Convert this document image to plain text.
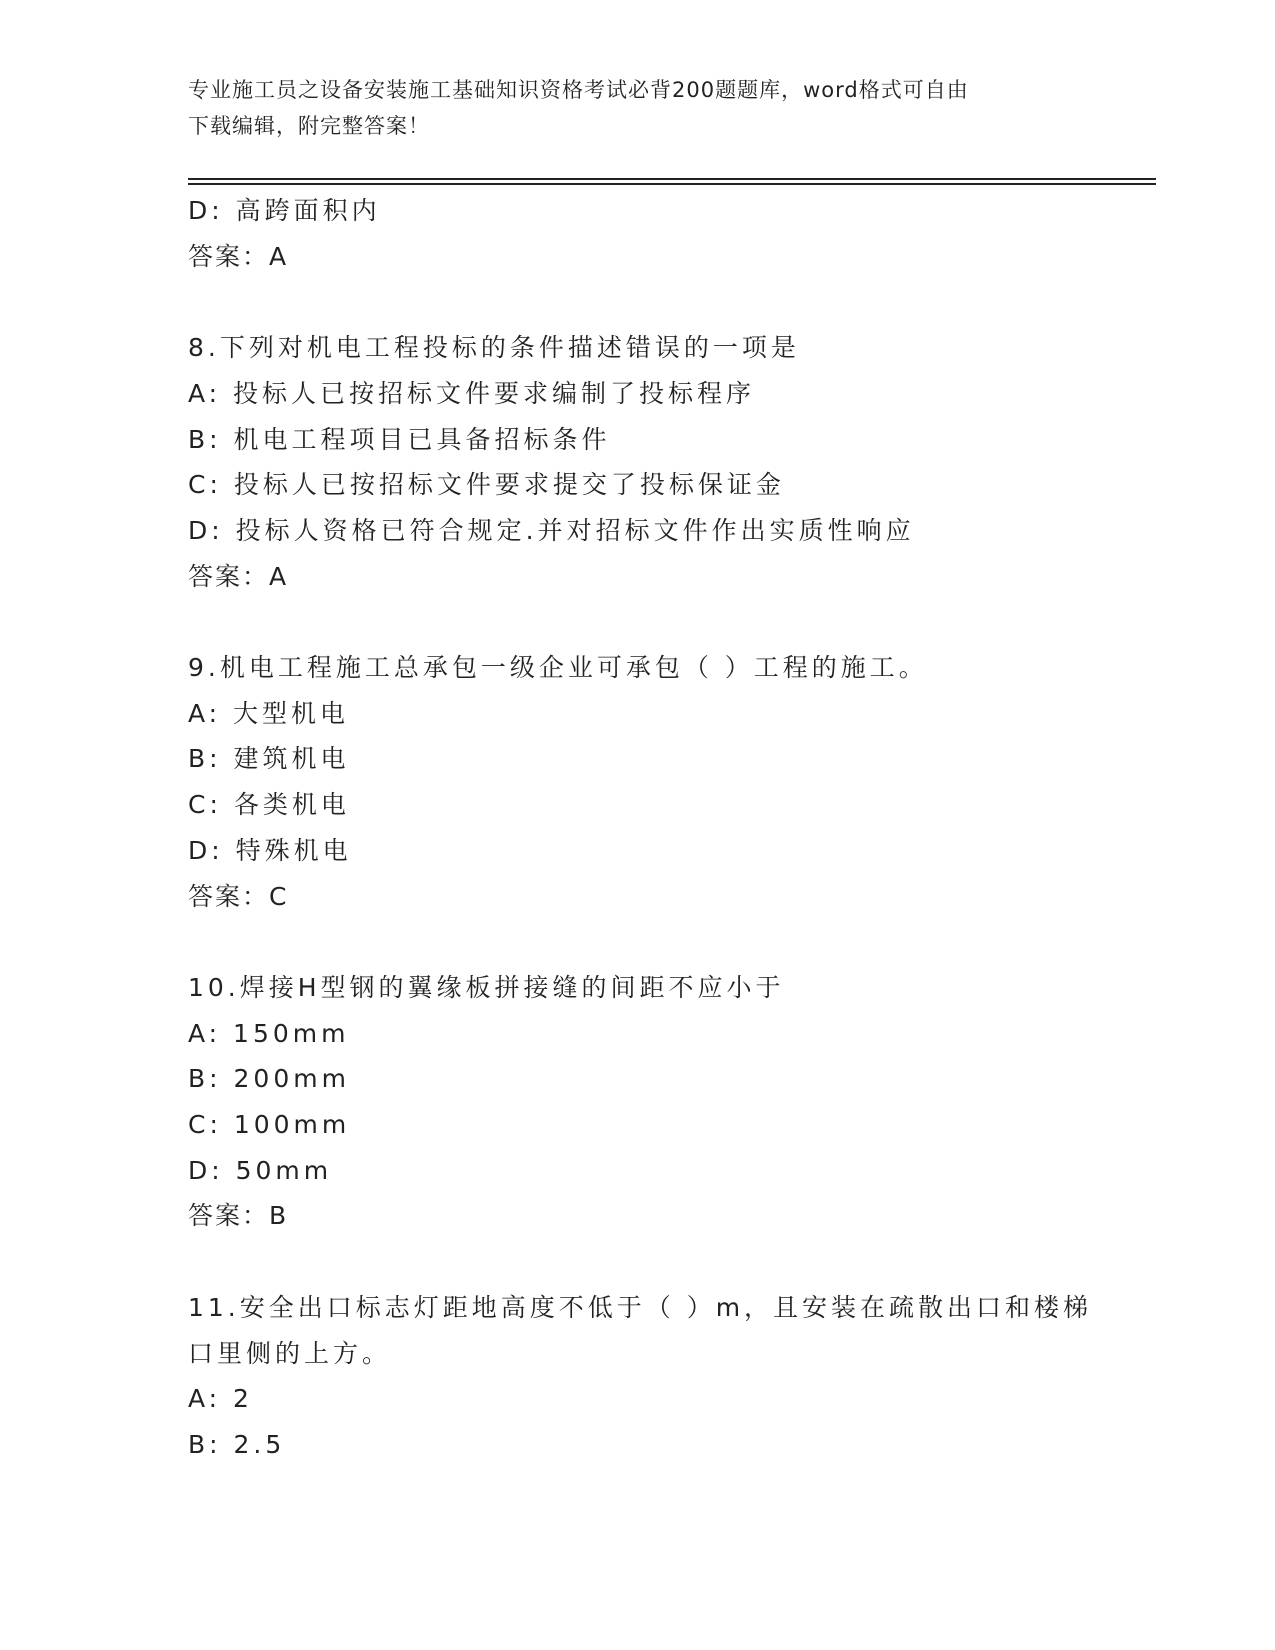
专业施工员之设备安装施工基础知识资格考试必背200题题库，word格式可自由
下载编辑，附完整答案！
D: 高跨面积内
答案：A
8.下列对机电工程投标的条件描述错误的一项是
A: 投标人已按招标文件要求编制了投标程序
B: 机电工程项目已具备招标条件
C: 投标人已按招标文件要求提交了投标保证金
D: 投标人资格已符合规定.并对招标文件作出实质性响应
答案：A
9.机电工程施工总承包一级企业可承包（ ）工程的施工。
A: 大型机电
B: 建筑机电
C: 各类机电
D: 特殊机电
答案：C
10.焊接H型钢的翼缘板拼接缝的间距不应小于
A: 150mm
B: 200mm
C: 100mm
D: 50mm
答案：B
11.安全出口标志灯距地高度不低于（ ）m，且安装在疏散出口和楼梯
口里侧的上方。
A: 2
B: 2.5
